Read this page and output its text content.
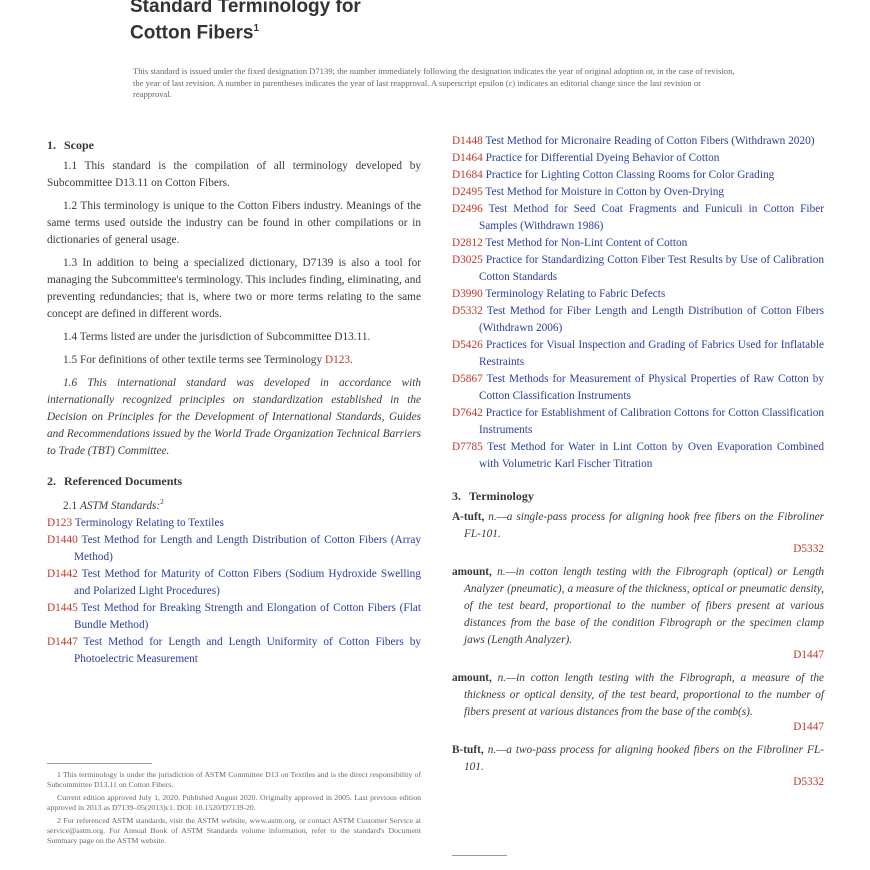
Standard Terminology for
Cotton Fibers$^1$
This standard is issued under the fixed designation D7139; the number immediately following the designation indicates the year of original adoption or, in the case of revision, the year of last revision. A number in parentheses indicates the year of last reapproval. A superscript epsilon (ε) indicates an editorial change since the last revision or reapproval.
1. Scope

1.1 This standard is the compilation of all terminology developed by Subcommittee D13.11 on Cotton Fibers.

1.2 This terminology is unique to the Cotton Fibers industry. Meanings of the same terms used outside the industry can be found in other compilations or in dictionaries of general usage.

1.3 In addition to being a specialized dictionary, D7139 is also a tool for managing the Subcommittee's terminology. This includes finding, eliminating, and preventing redundancies; that is, where two or more terms relating to the same concept are defined in different words.

1.4 Terms listed are under the jurisdiction of Subcommittee D13.11.

1.5 For definitions of other textile terms see Terminology D123.

1.6 This international standard was developed in accordance with internationally recognized principles on standardization established in the Decision on Principles for the Development of International Standards, Guides and Recommendations issued by the World Trade Organization Technical Barriers to Trade (TBT) Committee.

2. Referenced Documents
2.1 ASTM Standards:$^2$
D123 Terminology Relating to Textiles
D1440 Test Method for Length and Length Distribution of Cotton Fibers (Array Method)
D1442 Test Method for Maturity of Cotton Fibers (Sodium Hydroxide Swelling and Polarized Light Procedures)
D1445 Test Method for Breaking Strength and Elongation of Cotton Fibers (Flat Bundle Method)
D1447 Test Method for Length and Length Uniformity of Cotton Fibers by Photoelectric Measurement

1 This terminology is under the jurisdiction of ASTM Committee D13 on Textiles and is the direct responsibility of Subcommittee D13.11 on Cotton Fibers.

Current edition approved July 1, 2020. Published August 2020. Originally approved in 2005. Last previous edition approved in 2013 as D7139–05(2013)ε1. DOI: 10.1520/D7139-20.

2 For referenced ASTM standards, visit the ASTM website, www.astm.org, or contact ASTM Customer Service at service@astm.org. For Annual Book of ASTM Standards volume information, refer to the standard's Document Summary page on the ASTM website.

D1448 Test Method for Micronaire Reading of Cotton Fibers (Withdrawn 2020)
D1464 Practice for Differential Dyeing Behavior of Cotton
D1684 Practice for Lighting Cotton Classing Rooms for Color Grading
D2495 Test Method for Moisture in Cotton by Oven-Drying
D2496 Test Method for Seed Coat Fragments and Funiculi in Cotton Fiber Samples (Withdrawn 1986)
D2812 Test Method for Non-Lint Content of Cotton
D3025 Practice for Standardizing Cotton Fiber Test Results by Use of Calibration Cotton Standards
D3990 Terminology Relating to Fabric Defects
D5332 Test Method for Fiber Length and Length Distribution of Cotton Fibers (Withdrawn 2006)
D5426 Practices for Visual Inspection and Grading of Fabrics Used for Inflatable Restraints
D5867 Test Methods for Measurement of Physical Properties of Raw Cotton by Cotton Classification Instruments
D7642 Practice for Establishment of Calibration Cottons for Cotton Classification Instruments
D7785 Test Method for Water in Lint Cotton by Oven Evaporation Combined with Volumetric Karl Fischer Titration
3. Terminology
A-tuft, n.—a single-pass process for aligning hook free fibers on the Fibroliner FL-101.
D5332
amount, n.—in cotton length testing with the Fibrograph (optical) or Length Analyzer (pneumatic), a measure of the thickness, optical or pneumatic density, of the test beard, proportional to the number of fibers present at various distances from the base of the condition Fibrograph or the specimen clamp jaws (Length Analyzer).
D1447
amount, n.—in cotton length testing with the Fibrograph, a measure of the thickness or optical density, of the test beard, proportional to the number of fibers present at various distances from the base of the comb(s).
D1447
B-tuft, n.—a two-pass process for aligning hooked fibers on the Fibroliner FL-101.
D5332
